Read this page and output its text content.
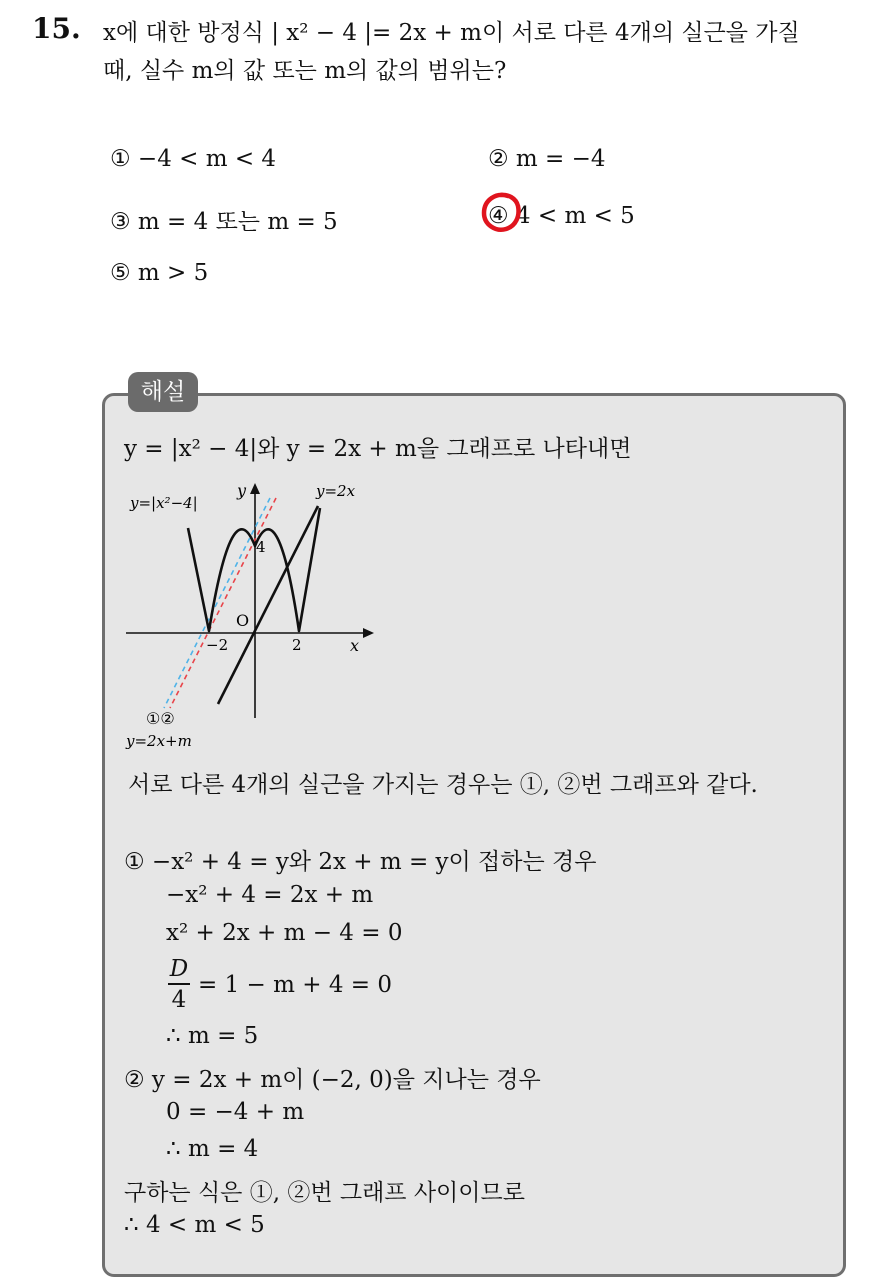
15. x에 대한 방정식 | x² − 4 |= 2x + m이 서로 다른 4개의 실근을 가질
때, 실수 m의 값 또는 m의 값의 범위는?
① −4 < m < 4	② m = −4
③ m = 4 또는 m = 5	④ 4 < m < 5
⑤ m > 5
해설
y = |x² − 4|와 y = 2x + m을 그래프로 나타내면
y=|x²−4|
y	y=2x
4
O
−2	2	x
①②
y=2x+m
서로 다른 4개의 실근을 가지는 경우는 ①, ②번 그래프와 같다.
① −x² + 4 = y와 2x + m = y이 접하는 경우
−x² + 4 = 2x + m
x² + 2x + m − 4 = 0
$\frac{D}{4} = 1 - m + 4 = 0$
∴ m = 5
② y = 2x + m이 (−2, 0)을 지나는 경우
0 = −4 + m
∴ m = 4
구하는 식은 ①, ②번 그래프 사이이므로
∴ 4 < m < 5
